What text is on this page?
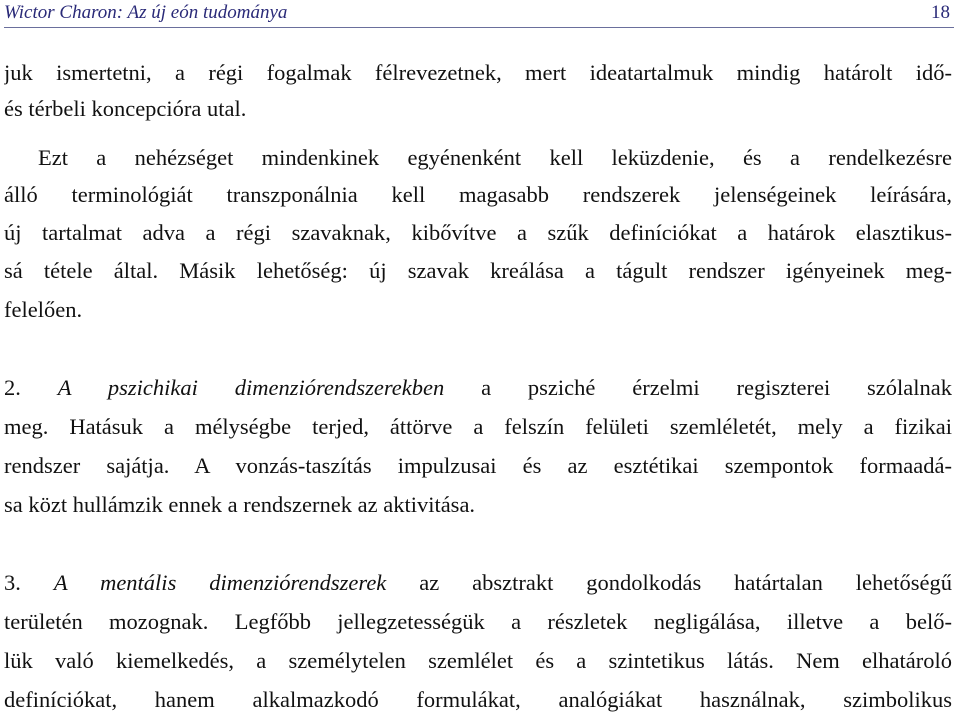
Wictor Charon: Az új eón tudománya	18
juk ismertetni, a régi fogalmak félrevezetnek, mert ideatartalmuk mindig határolt idő-
és térbeli koncepcióra utal.
Ezt a nehézséget mindenkinek egyénenként kell leküzdenie, és a rendelkezésre
álló terminológiát transzponálnia kell magasabb rendszerek jelenségeinek leírására,
új tartalmat adva a régi szavaknak, kibővítve a szűk definíciókat a határok elasztikus-
sá tétele által. Másik lehetőség: új szavak kreálása a tágult rendszer igényeinek meg-
felelően.
2. A pszichikai dimenziórendszerekben a psziché érzelmi regiszterei szólalnak
meg. Hatásuk a mélységbe terjed, áttörve a felszín felületi szemléletét, mely a fizikai
rendszer sajátja. A vonzás-taszítás impulzusai és az esztétikai szempontok formaadá-
sa közt hullámzik ennek a rendszernek az aktivitása.
3. A mentális dimenziórendszerek az absztrakt gondolkodás határtalan lehetőségű
területén mozognak. Legfőbb jellegzetességük a részletek negligálása, illetve a belő-
lük való kiemelkedés, a személytelen szemlélet és a szintetikus látás. Nem elhatároló
definíciókat, hanem alkalmazkodó formulákat, analógiákat használnak, szimbolikus
